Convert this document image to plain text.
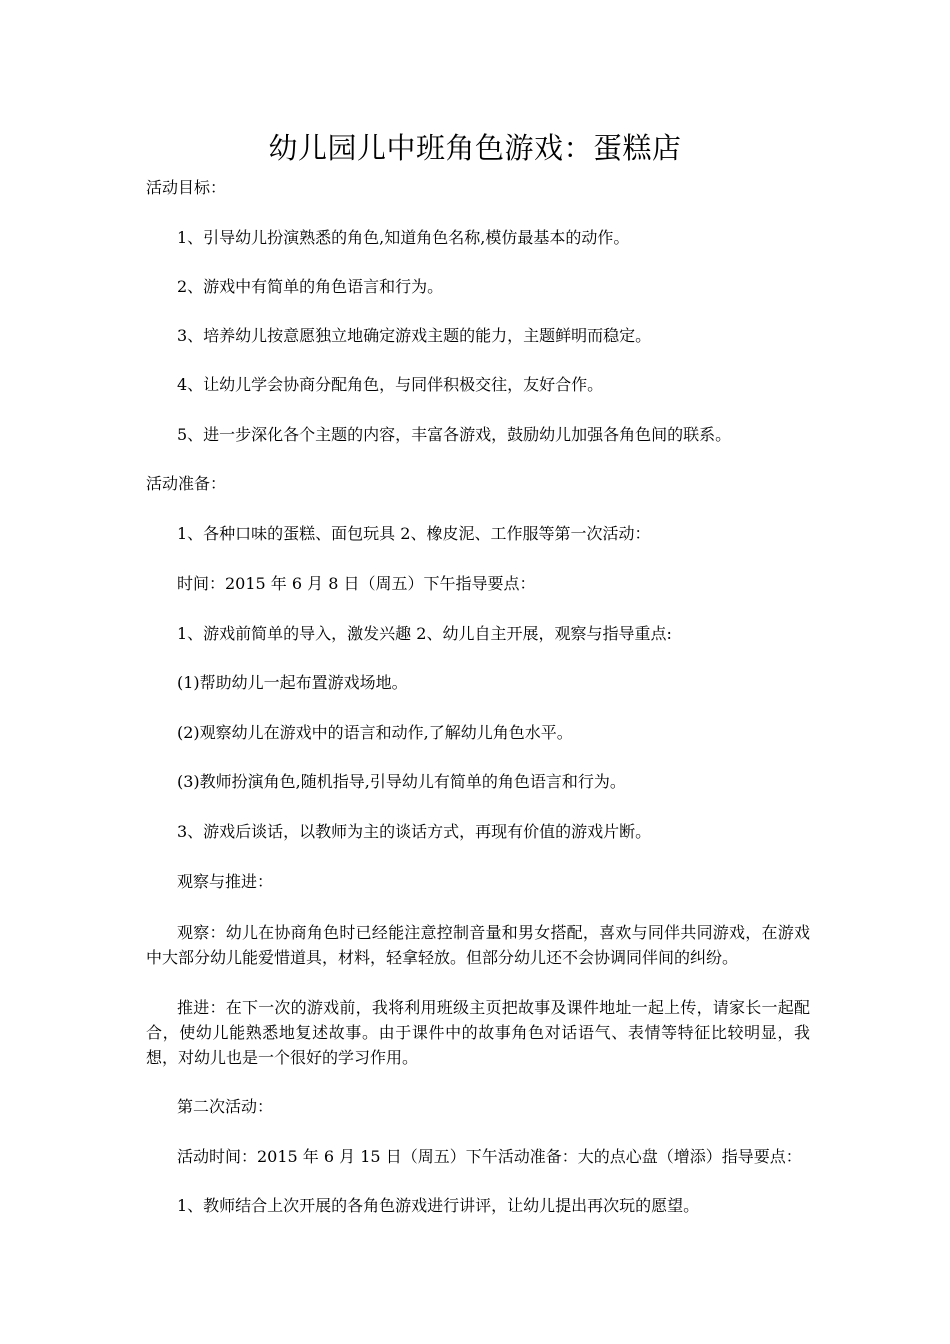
幼儿园儿中班角色游戏：蛋糕店
活动目标：
1、引导幼儿扮演熟悉的角色,知道角色名称,模仿最基本的动作。
2、游戏中有简单的角色语言和行为。
3、培养幼儿按意愿独立地确定游戏主题的能力，主题鲜明而稳定。
4、让幼儿学会协商分配角色，与同伴积极交往，友好合作。
5、进一步深化各个主题的内容，丰富各游戏，鼓励幼儿加强各角色间的联系。
活动准备：
1、各种口味的蛋糕、面包玩具 2、橡皮泥、工作服等第一次活动：
时间：2015 年 6 月 8 日（周五）下午指导要点：
1、游戏前简单的导入，激发兴趣 2、幼儿自主开展，观察与指导重点:
(1)帮助幼儿一起布置游戏场地。
(2)观察幼儿在游戏中的语言和动作,了解幼儿角色水平。
(3)教师扮演角色,随机指导,引导幼儿有简单的角色语言和行为。
3、游戏后谈话，以教师为主的谈话方式，再现有价值的游戏片断。
观察与推进：
观察：幼儿在协商角色时已经能注意控制音量和男女搭配，喜欢与同伴共同游戏，在游戏中大部分幼儿能爱惜道具，材料，轻拿轻放。但部分幼儿还不会协调同伴间的纠纷。
推进：在下一次的游戏前，我将利用班级主页把故事及课件地址一起上传，请家长一起配合，使幼儿能熟悉地复述故事。由于课件中的故事角色对话语气、表情等特征比较明显，我想，对幼儿也是一个很好的学习作用。
第二次活动：
活动时间：2015 年 6 月 15 日（周五）下午活动准备：大的点心盘（增添）指导要点：
1、教师结合上次开展的各角色游戏进行讲评，让幼儿提出再次玩的愿望。
